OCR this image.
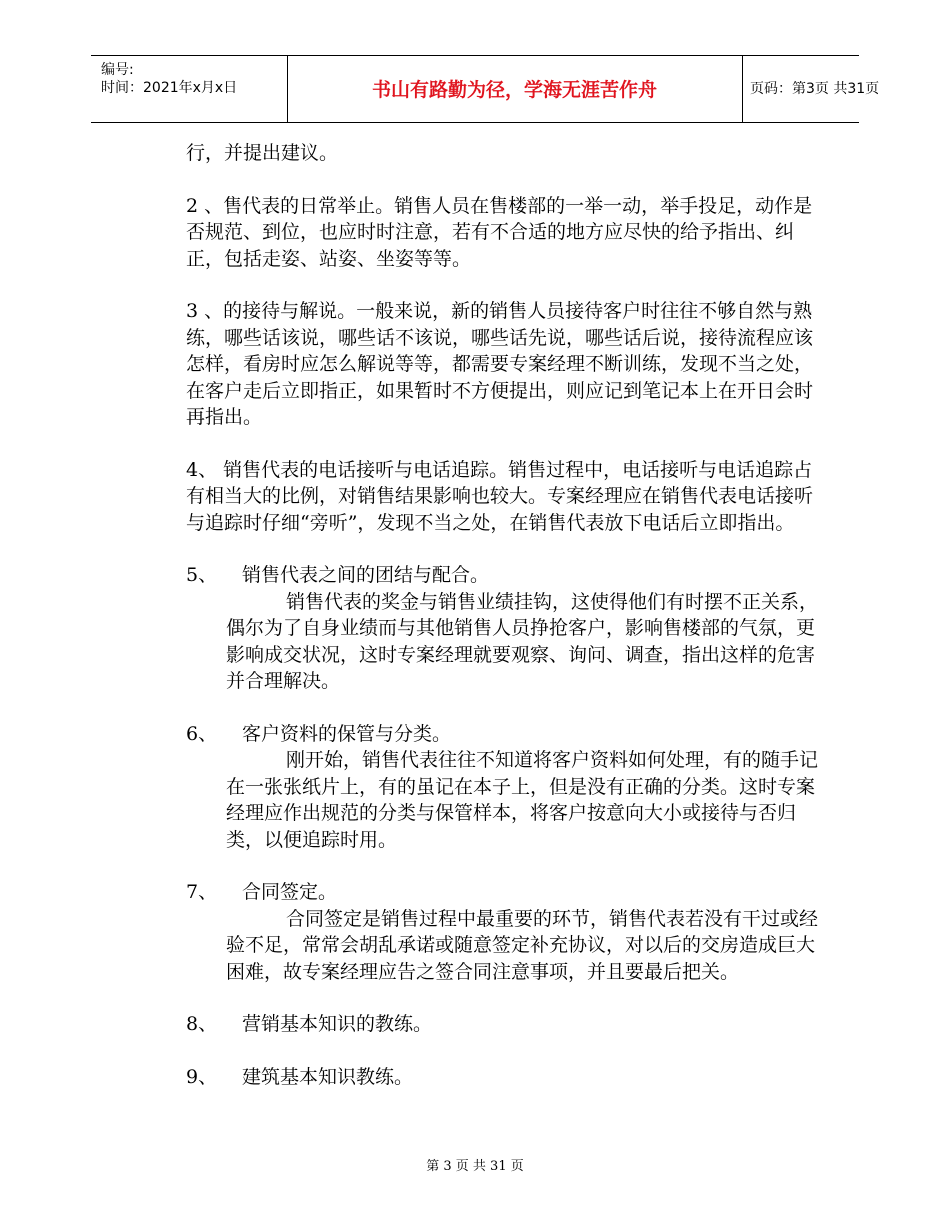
编号:
时间：2021年x月x日	书山有路勤为径，学海无涯苦作舟	页码：第3页 共31页

行，并提出建议。

2 、售代表的日常举止。销售人员在售楼部的一举一动，举手投足，动作是否规范、到位，也应时时注意，若有不合适的地方应尽快的给予指出、纠正，包括走姿、站姿、坐姿等等。

3 、的接待与解说。一般来说，新的销售人员接待客户时往往不够自然与熟练，哪些话该说，哪些话不该说，哪些话先说，哪些话后说，接待流程应该怎样，看房时应怎么解说等等，都需要专案经理不断训练，发现不当之处，在客户走后立即指正，如果暂时不方便提出，则应记到笔记本上在开日会时再指出。

4、 销售代表的电话接听与电话追踪。销售过程中，电话接听与电话追踪占有相当大的比例，对销售结果影响也较大。专案经理应在销售代表电话接听与追踪时仔细“旁听”，发现不当之处，在销售代表放下电话后立即指出。

5、 销售代表之间的团结与配合。

销售代表的奖金与销售业绩挂钩，这使得他们有时摆不正关系，偶尔为了自身业绩而与其他销售人员挣抢客户，影响售楼部的气氛，更影响成交状况，这时专案经理就要观察、询问、调查，指出这样的危害并合理解决。

6、 客户资料的保管与分类。

刚开始，销售代表往往不知道将客户资料如何处理，有的随手记在一张张纸片上，有的虽记在本子上，但是没有正确的分类。这时专案经理应作出规范的分类与保管样本，将客户按意向大小或接待与否归类，以便追踪时用。

7、 合同签定。

合同签定是销售过程中最重要的环节，销售代表若没有干过或经验不足，常常会胡乱承诺或随意签定补充协议，对以后的交房造成巨大困难，故专案经理应告之签合同注意事项，并且要最后把关。

8、 营销基本知识的教练。

9、 建筑基本知识教练。

第 3 页 共 31 页
